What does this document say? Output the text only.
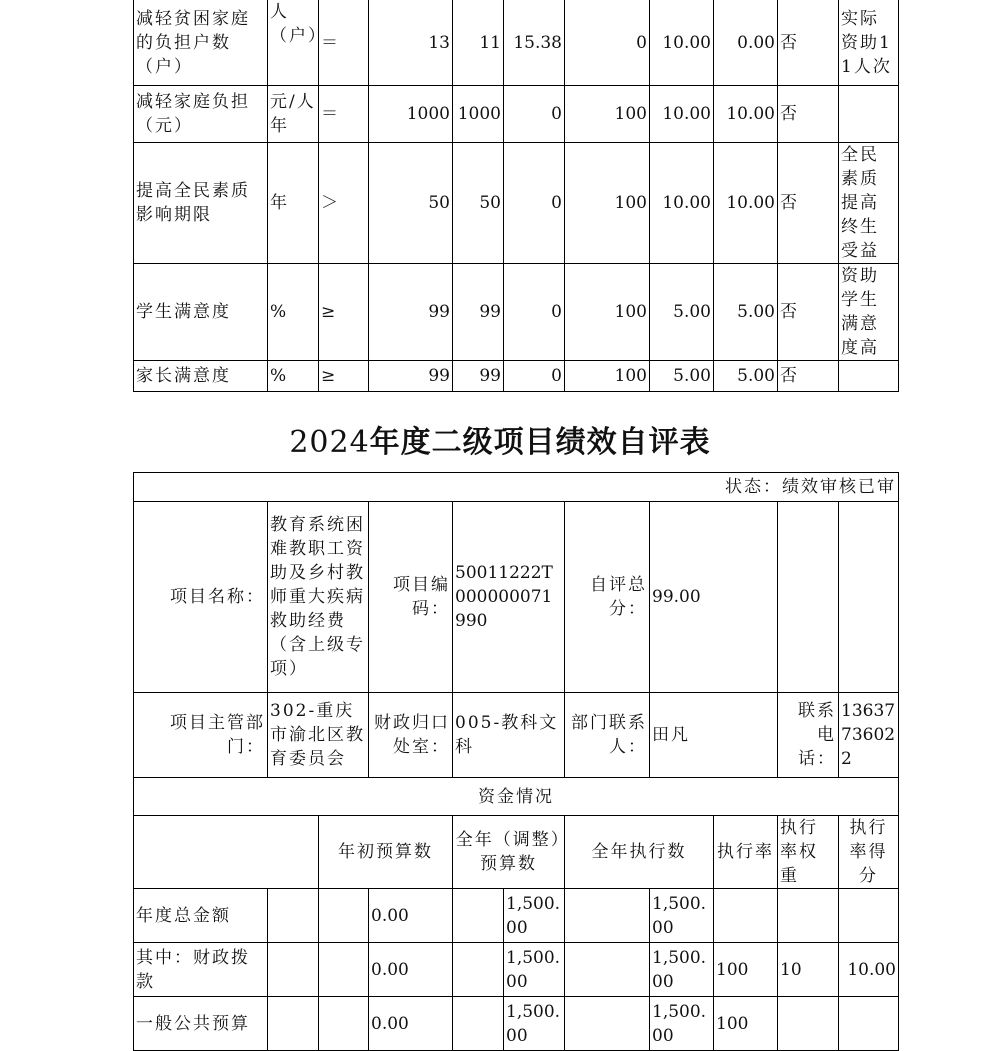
减轻贫困家庭的负担户数（户）	人（户）	＝	13	11	15.38	0	10.00	0.00	否	实际资助11人次
减轻家庭负担（元）	元/人年	＝	1000	1000	0	100	10.00	10.00	否	
提高全民素质影响期限	年	＞	50	50	0	100	10.00	10.00	否	全民素质提高终生受益
学生满意度	%	≥	99	99	0	100	5.00	5.00	否	资助学生满意度高
家长满意度	%	≥	99	99	0	100	5.00	5.00	否	
2024年度二级项目绩效自评表
状态：绩效审核已审										
项目名称：	教育系统困难教职工资助及乡村教师重大疾病救助经费（含上级专项）		项目编码：	50011222T000000071990		自评总分：	99.00			
项目主管部门：	302-重庆市渝北区教育委员会		财政归口处室：	005-教科文科		部门联系人：	田凡		联系电话：	13637736022
资金情况										
		年初预算数		全年（调整）预算数		全年执行数		执行率	执行率权重	执行率得分
年度总金额			0.00		1,500.00		1,500.00			
其中：财政拨款			0.00		1,500.00		1,500.00	100	10	10.00
一般公共预算			0.00		1,500.00		1,500.00	100		
